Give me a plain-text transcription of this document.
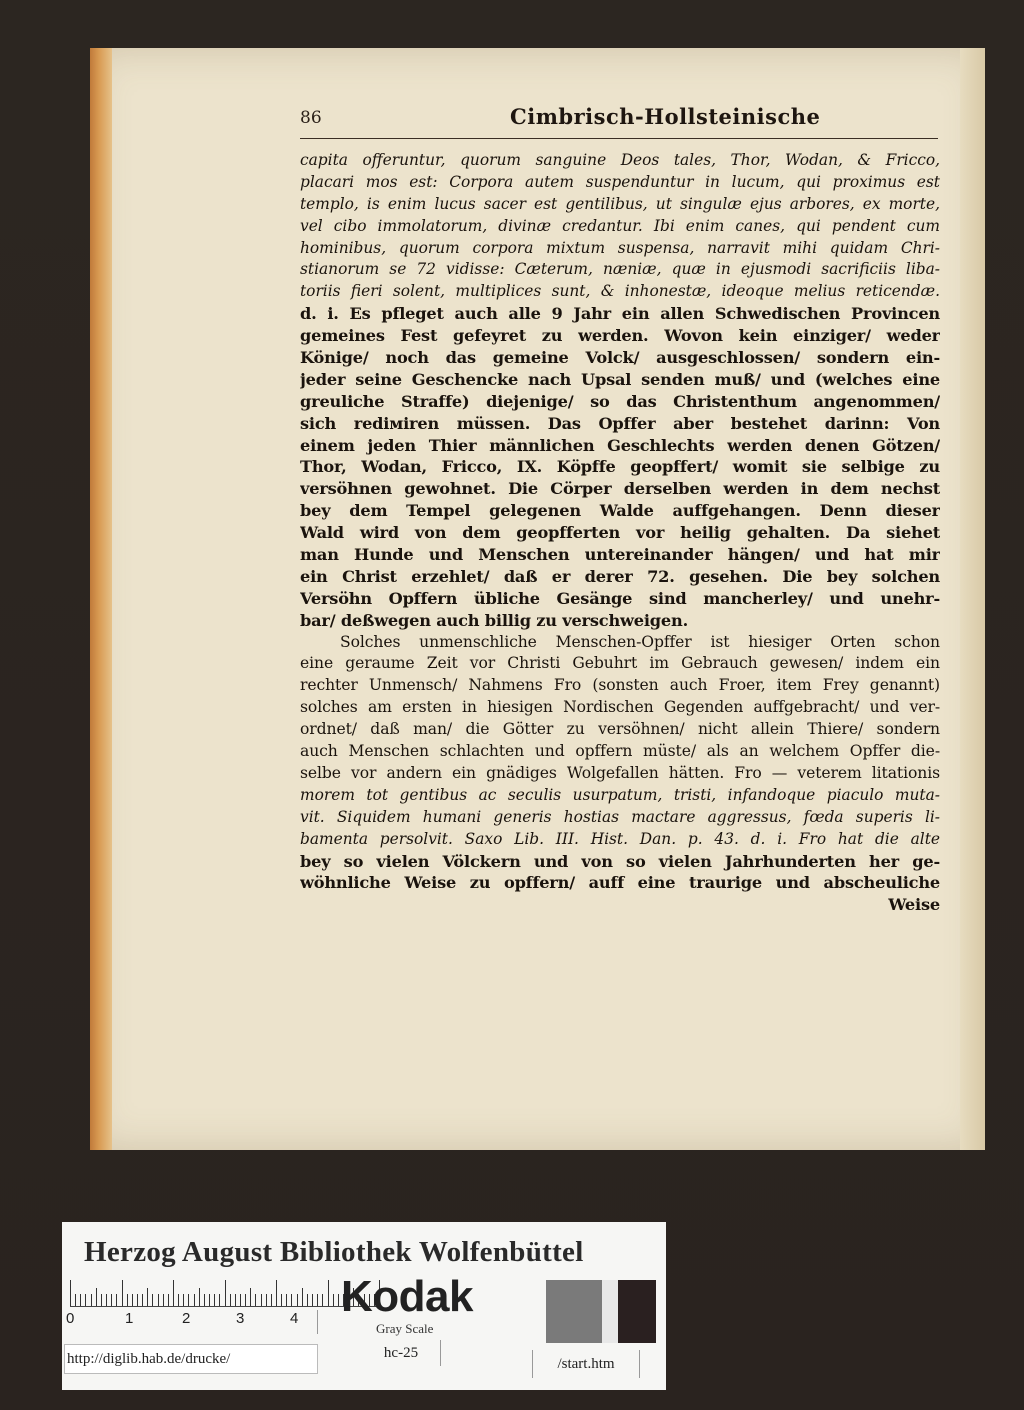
86	Cimbrisch-Hollsteinische
capita offeruntur, quorum sanguine Deos tales, Thor, Wodan, & Fricco,
placari mos est: Corpora autem suspenduntur in lucum, qui proximus est
templo, is enim lucus sacer est gentilibus, ut singulæ ejus arbores, ex morte,
vel cibo immolatorum, divinæ credantur. Ibi enim canes, qui pendent cum
hominibus, quorum corpora mixtum suspensa, narravit mihi quidam Chri-
stianorum se 72 vidisse: Cæterum, næniæ, quæ in ejusmodi sacrificiis liba-
toriis fieri solent, multiplices sunt, & inhonestæ, ideoque melius reticendæ.
d. i. Es pfleget auch alle 9 Jahr ein allen Schwedischen Provincen
gemeines Fest gefeyret zu werden. Wovon kein einziger/ weder
Könige/ noch das gemeine Volck/ ausgeschlossen/ sondern ein-
jeder seine Geschencke nach Upsal senden muß/ und (welches eine
greuliche Straffe) diejenige/ so das Christenthum angenommen/
sich rediміren müssen. Das Opffer aber bestehet darinn: Von
einem jeden Thier männlichen Geschlechts werden denen Götzen/
Thor, Wodan, Fricco, IX. Köpffe geopffert/ womit sie selbige zu
versöhnen gewohnet. Die Cörper derselben werden in dem nechst
bey dem Tempel gelegenen Walde auffgehangen. Denn dieser
Wald wird von dem geopfferten vor heilig gehalten. Da siehet
man Hunde und Menschen untereinander hängen/ und hat mir
ein Christ erzehlet/ daß er derer 72. gesehen. Die bey solchen
Versöhn Opffern übliche Gesänge sind mancherley/ und unehr-
bar/ deßwegen auch billig zu verschweigen.
Solches unmenschliche Menschen-Opffer ist hiesiger Orten schon
eine geraume Zeit vor Christi Gebuhrt im Gebrauch gewesen/ indem ein
rechter Unmensch/ Nahmens Fro (sonsten auch Froer, item Frey genannt)
solches am ersten in hiesigen Nordischen Gegenden auffgebracht/ und ver-
ordnet/ daß man/ die Götter zu versöhnen/ nicht allein Thiere/ sondern
auch Menschen schlachten und opffern müste/ als an welchem Opffer die-
selbe vor andern ein gnädiges Wolgefallen hätten. Fro — veterem litationis
morem tot gentibus ac seculis usurpatum, tristi, infandoque piaculo muta-
vit. Siquidem humani generis hostias mactare aggressus, fœda superis li-
bamenta persolvit. Saxo Lib. III. Hist. Dan. p. 43. d. i. Fro hat die alte
bey so vielen Völckern und von so vielen Jahrhunderten her ge-
wöhnliche Weise zu opffern/ auff eine traurige und abscheuliche
Weise
Herzog August Bibliothek Wolfenbüttel
0	1	2	3	4 Kodak
Gray Scale
http://diglib.hab.de/drucke/	hc-25
/start.htm
